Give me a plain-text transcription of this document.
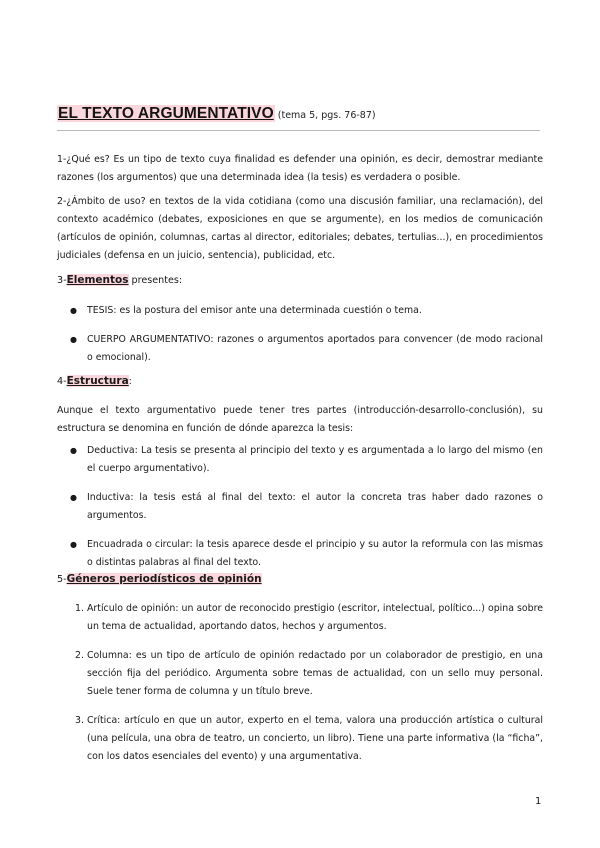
EL TEXTO ARGUMENTATIVO (tema 5, pgs. 76-87)

1-¿Qué es? Es un tipo de texto cuya finalidad es defender una opinión, es decir, demostrar mediante razones (los argumentos) que una determinada idea (la tesis) es verdadera o posible.

2-¿Ámbito de uso? en textos de la vida cotidiana (como una discusión familiar, una reclamación), del contexto académico (debates, exposiciones en que se argumente), en los medios de comunicación (artículos de opinión, columnas, cartas al director, editoriales; debates, tertulias...), en procedimientos judiciales (defensa en un juicio, sentencia), publicidad, etc.

3-Elementos presentes:
● TESIS: es la postura del emisor ante una determinada cuestión o tema.
● CUERPO ARGUMENTATIVO: razones o argumentos aportados para convencer (de modo racional o emocional).
4-Estructura:

Aunque el texto argumentativo puede tener tres partes (introducción-desarrollo-conclusión), su estructura se denomina en función de dónde aparezca la tesis:

● Deductiva: La tesis se presenta al principio del texto y es argumentada a lo largo del mismo (en el cuerpo argumentativo).
● Inductiva: la tesis está al final del texto: el autor la concreta tras haber dado razones o argumentos.
● Encuadrada o circular: la tesis aparece desde el principio y su autor la reformula con las mismas o distintas palabras al final del texto.
5-Géneros periodísticos de opinión
1. Artículo de opinión: un autor de reconocido prestigio (escritor, intelectual, político...) opina sobre un tema de actualidad, aportando datos, hechos y argumentos.
2. Columna: es un tipo de artículo de opinión redactado por un colaborador de prestigio, en una sección fija del periódico. Argumenta sobre temas de actualidad, con un sello muy personal. Suele tener forma de columna y un título breve.
3. Crítica: artículo en que un autor, experto en el tema, valora una producción artística o cultural (una película, una obra de teatro, un concierto, un libro). Tiene una parte informativa (la “ficha”, con los datos esenciales del evento) y una argumentativa.
1
